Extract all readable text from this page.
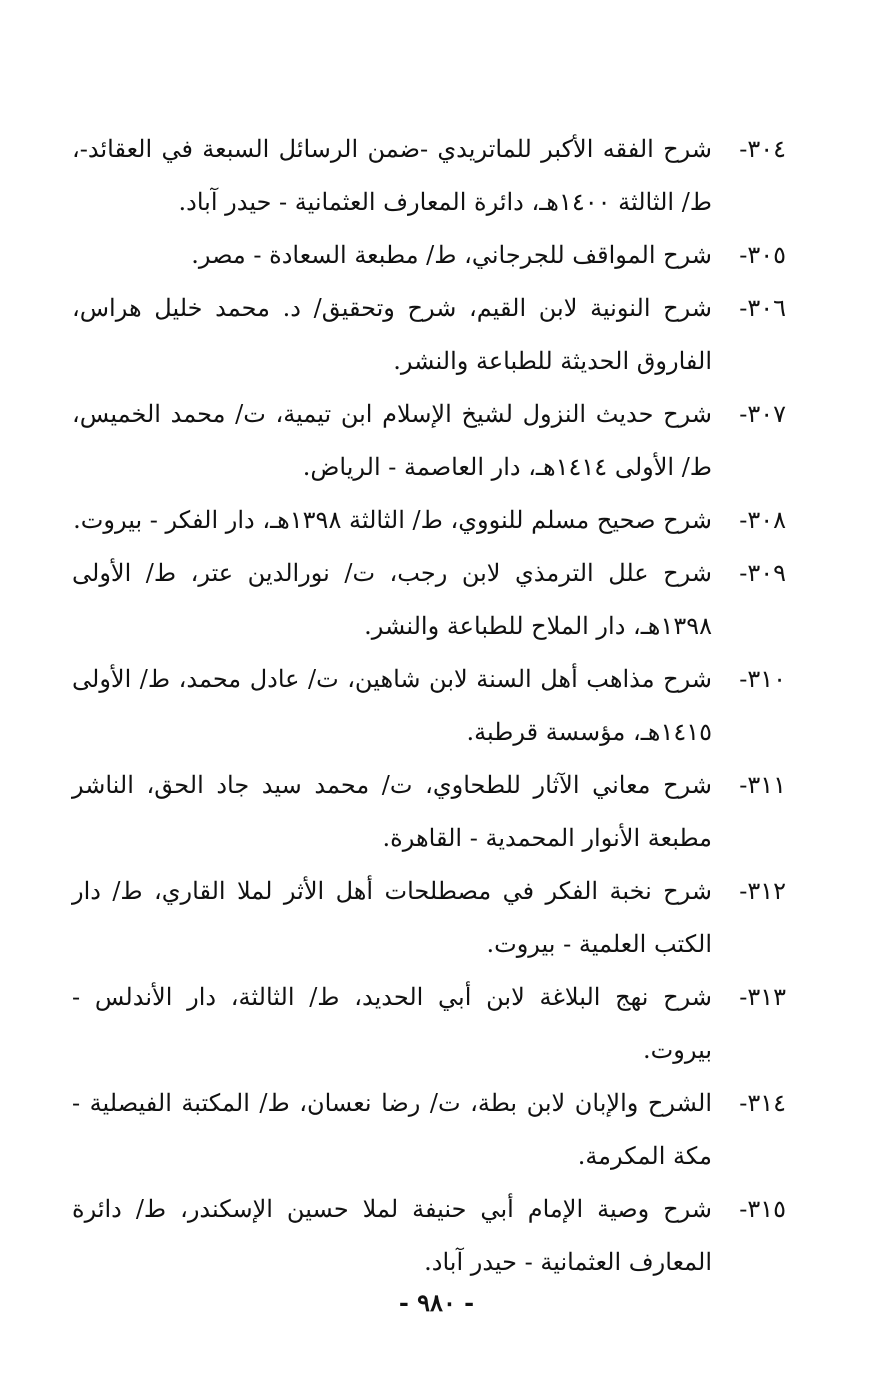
٣٠٤-
شرح الفقه الأكبر للماتريدي -ضمن الرسائل السبعة في العقائد-، ط/ الثالثة ١٤٠٠هـ، دائرة المعارف العثمانية - حيدر آباد.
٣٠٥-
شرح المواقف للجرجاني، ط/ مطبعة السعادة - مصر.
٣٠٦-
شرح النونية لابن القيم، شرح وتحقيق/ د. محمد خليل هراس، الفاروق الحديثة للطباعة والنشر.
٣٠٧-
شرح حديث النزول لشيخ الإسلام ابن تيمية، ت/ محمد الخميس، ط/ الأولى ١٤١٤هـ، دار العاصمة - الرياض.
٣٠٨-
شرح صحيح مسلم للنووي، ط/ الثالثة ١٣٩٨هـ، دار الفكر - بيروت.
٣٠٩-
شرح علل الترمذي لابن رجب، ت/ نورالدين عتر، ط/ الأولى ١٣٩٨هـ، دار الملاح للطباعة والنشر.
٣١٠-
شرح مذاهب أهل السنة لابن شاهين، ت/ عادل محمد، ط/ الأولى ١٤١٥هـ، مؤسسة قرطبة.
٣١١-
شرح معاني الآثار للطحاوي، ت/ محمد سيد جاد الحق، الناشر مطبعة الأنوار المحمدية - القاهرة.
٣١٢-
شرح نخبة الفكر في مصطلحات أهل الأثر لملا القاري، ط/ دار الكتب العلمية - بيروت.
٣١٣-
شرح نهج البلاغة لابن أبي الحديد، ط/ الثالثة، دار الأندلس - بيروت.
٣١٤-
الشرح والإبان لابن بطة، ت/ رضا نعسان، ط/ المكتبة الفيصلية - مكة المكرمة.
٣١٥-
شرح وصية الإمام أبي حنيفة لملا حسين الإسكندر، ط/ دائرة المعارف العثمانية - حيدر آباد.
- ٩٨٠ -
